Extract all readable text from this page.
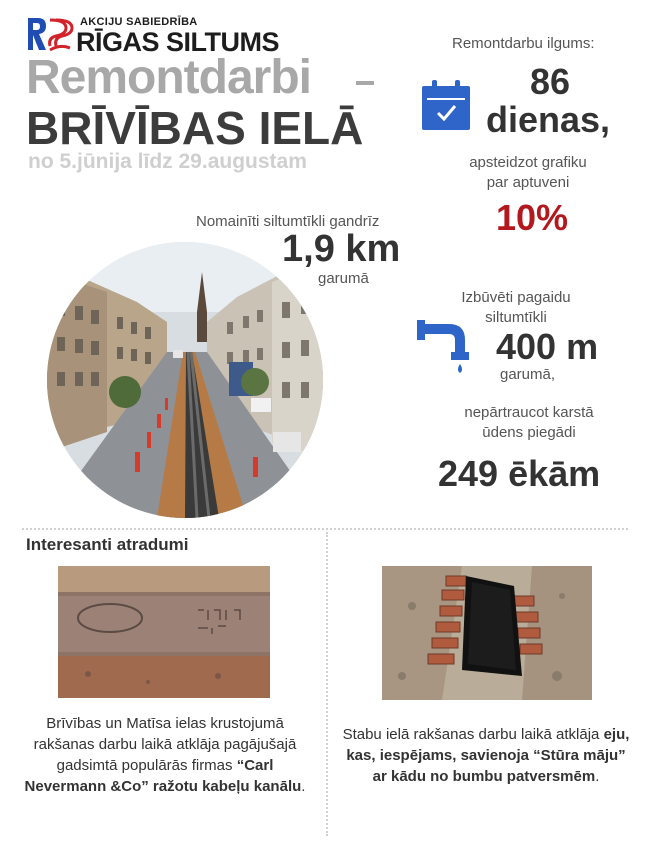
AKCIJU SABIEDRĪBA
RĪGAS SILTUMS
Remontdarbi
BRĪVĪBAS IELĀ
no 5.jūnija līdz 29.augustam
Remontdarbu ilgums:
86
dienas,
apsteidzot grafiku par aptuveni
10%
Nomainīti siltumtīkli gandrīz
1,9 km
garumā
Izbūvēti pagaidu siltumtīkli
400 m
garumā,
nepārtraucot karstā ūdens piegādi
249 ēkām
Interesanti atradumi
Brīvības un Matīsa ielas krustojumā rakšanas darbu laikā atklāja pagājušajā gadsimtā populārās firmas “Carl Nevermann &Co” ražotu kabeļu kanālu.
Stabu ielā rakšanas darbu laikā atklāja eju, kas, iespējams, savienoja “Stūra māju” ar kādu no bumbu patversmēm.
